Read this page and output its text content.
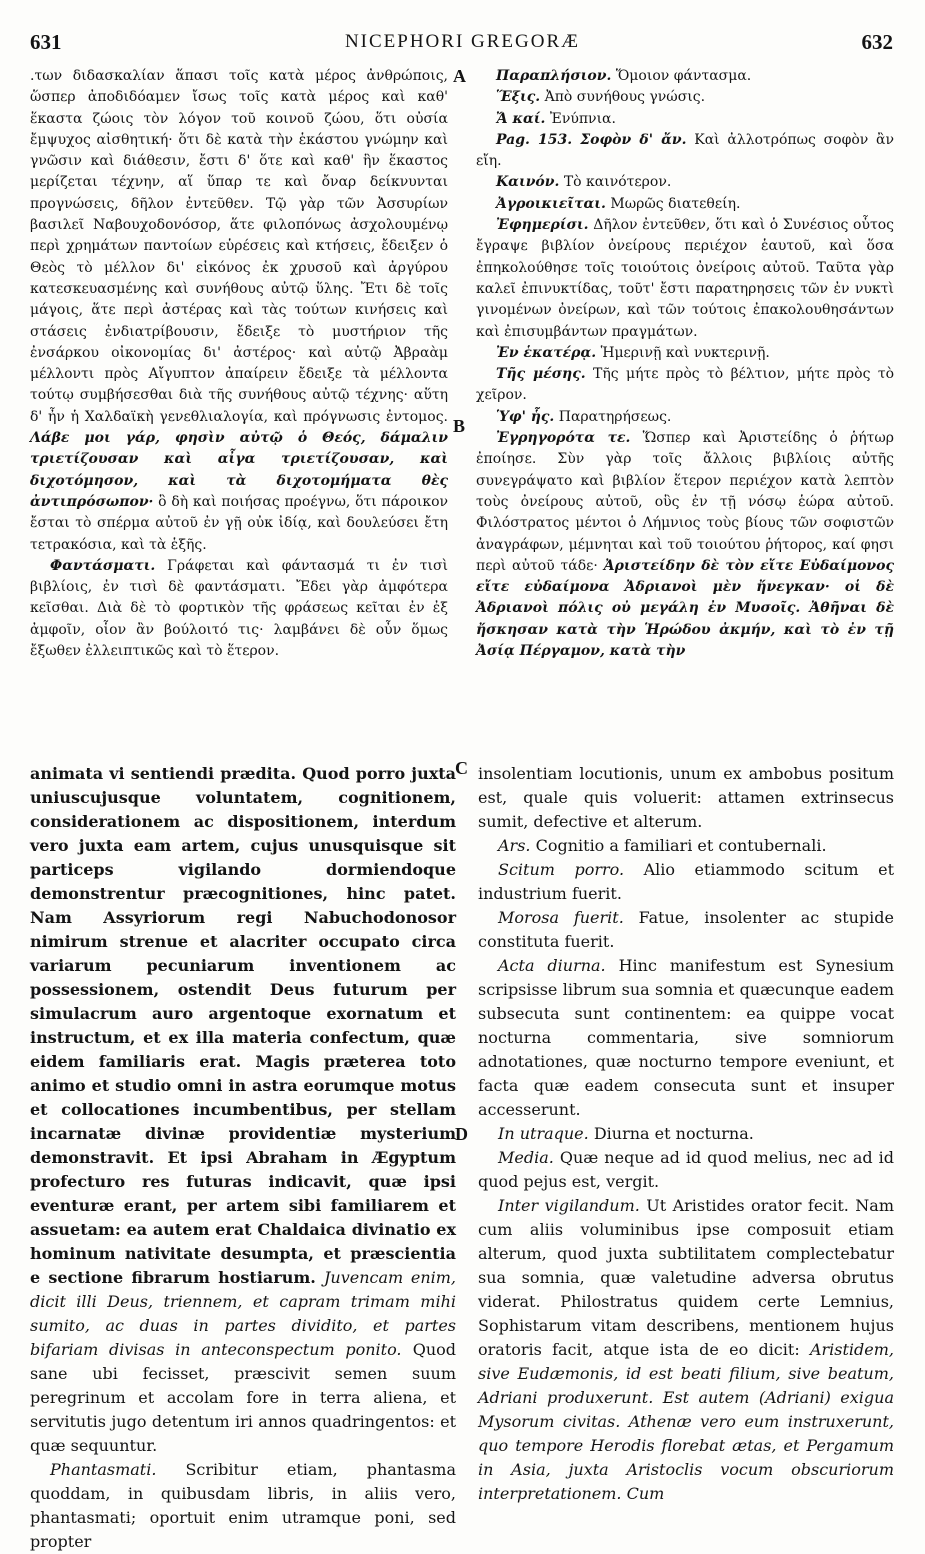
631	NICEPHORI GREGORÆ	632
A
B
C
D

.των διδασκαλίαν ἅπασι τοῖς κατὰ μέρος ἀνθρώποις, ὥσπερ ἀποδιδόαμεν ἴσως τοῖς κατὰ μέρος καὶ καθ' ἕκαστα ζώοις τὸν λόγον τοῦ κοινοῦ ζώου, ὅτι οὐσία ἔμψυχος αἰσθητική· ὅτι δὲ κατὰ τὴν ἑκάστου γνώμην καὶ γνῶσιν καὶ διάθεσιν, ἔστι δ' ὅτε καὶ καθ' ἣν ἕκαστος μερίζεται τέχνην, αἵ ὕπαρ τε καὶ ὄναρ δείκνυνται προγνώσεις, δῆλον ἐντεῦθεν. Τῷ γὰρ τῶν Ἀσσυρίων βασιλεῖ Ναβουχοδονόσορ, ἅτε φιλοπόνως ἀσχολουμένῳ περὶ χρημάτων παντοίων εὑρέσεις καὶ κτήσεις, ἔδειξεν ὁ Θεὸς τὸ μέλλον δι' εἰκόνος ἐκ χρυσοῦ καὶ ἀργύρου κατεσκευασμένης καὶ συνήθους αὐτῷ ὕλης. Ἔτι δὲ τοῖς μάγοις, ἅτε περὶ ἀστέρας καὶ τὰς τούτων κινήσεις καὶ στάσεις ἐνδιατρίβουσιν, ἔδειξε τὸ μυστήριον τῆς ἐνσάρκου οἰκονομίας δι' ἀστέρος· καὶ αὐτῷ Ἀβραὰμ μέλλοντι πρὸς Αἴγυπτον ἀπαίρειν ἔδειξε τὰ μέλλοντα τούτῳ συμβήσεσθαι διὰ τῆς συνήθους αὐτῷ τέχνης· αὕτη δ' ἦν ἡ Χαλδαϊκὴ γενεθλιαλογία, καὶ πρόγνωσις ἐντομος. Λάβε μοι γάρ, φησὶν αὐτῷ ὁ Θεός, δάμαλιν τριετίζουσαν καὶ αἶγα τριετίζουσαν, καὶ διχοτόμησον, καὶ τὰ διχοτομήματα θὲς ἀντιπρόσωπον· ὃ δὴ καὶ ποιήσας προέγνω, ὅτι πάροικον ἔσται τὸ σπέρμα αὐτοῦ ἐν γῇ οὐκ ἰδίᾳ, καὶ δουλεύσει ἔτη τετρακόσια, καὶ τὰ ἑξῆς.

Φαντάσματι. Γράφεται καὶ φάντασμά τι ἐν τισὶ βιβλίοις, ἐν τισὶ δὲ φαντάσματι. Ἔδει γὰρ ἀμφότερα κεῖσθαι. Διὰ δὲ τὸ φορτικὸν τῆς φράσεως κεῖται ἐν ἐξ ἀμφοῖν, οἷον ἂν βούλοιτό τις· λαμβάνει δὲ οὖν ὅμως ἔξωθεν ἐλλειπτικῶς καὶ τὸ ἕτερον.

Παραπλήσιον. Ὅμοιον φάντασμα.

Ἕξις. Ἀπὸ συνήθους γνώσις.

Ἄ καί. Ἐνύπνια.

Pag. 153. Σοφὸν δ' ἄν. Καὶ ἀλλοτρόπως σοφὸν ἂν εἴη.

Καινόν. Τὸ καινότερον.

Ἀγροικιεῖται. Μωρῶς διατεθείη.

Ἐφημερίσι. Δῆλον ἐντεῦθεν, ὅτι καὶ ὁ Συνέσιος οὗτος ἔγραψε βιβλίον ὀνείρους περιέχον ἑαυτοῦ, καὶ ὅσα ἐπηκολούθησε τοῖς τοιούτοις ὀνείροις αὐτοῦ. Ταῦτα γὰρ καλεῖ ἐπινυκτίδας, τοῦτ' ἔστι παρατηρησεις τῶν ἐν νυκτὶ γινομένων ὀνείρων, καὶ τῶν τούτοις ἐπακολουθησάντων καὶ ἐπισυμβάντων πραγμάτων.

Ἐν ἑκατέρᾳ. Ἡμερινῇ καὶ νυκτερινῇ.

Τῆς μέσης. Τῆς μήτε πρὸς τὸ βέλτιον, μήτε πρὸς τὸ χεῖρον.

Ὑφ' ἧς. Παρατηρήσεως.

Ἐγρηγορότα τε. Ὥσπερ καὶ Ἀριστείδης ὁ ῥήτωρ ἐποίησε. Σὺν γὰρ τοῖς ἄλλοις βιβλίοις αὐτῆς συνεγράψατο καὶ βιβλίον ἕτερον περιέχον κατὰ λεπτὸν τοὺς ὀνείρους αὐτοῦ, οὓς ἐν τῇ νόσῳ ἑώρα αὐτοῦ. Φιλόστρατος μέντοι ὁ Λήμνιος τοὺς βίους τῶν σοφιστῶν ἀναγράφων, μέμνηται καὶ τοῦ τοιούτου ῥήτορος, καί φησι περὶ αὐτοῦ τάδε· Ἀριστείδην δὲ τὸν εἴτε Εὐδαίμονος εἴτε εὐδαίμονα Ἀδριανοὶ μὲν ἤνεγκαν· οἱ δὲ Ἀδριανοὶ πόλις οὐ μεγάλη ἐν Μυσοῖς. Ἀθῆναι δὲ ἤσκησαν κατὰ τὴν Ἡρώδου ἀκμήν, καὶ τὸ ἐν τῇ Ἀσίᾳ Πέργαμον, κατὰ τὴν

animata vi sentiendi prædita. Quod porro juxta uniuscujusque voluntatem, cognitionem, considerationem ac dispositionem, interdum vero juxta eam artem, cujus unusquisque sit particeps vigilando dormiendoque demonstrentur præcognitiones, hinc patet. Nam Assyriorum regi Nabuchodonosor nimirum strenue et alacriter occupato circa variarum pecuniarum inventionem ac possessionem, ostendit Deus futurum per simulacrum auro argentoque exornatum et instructum, et ex illa materia confectum, quæ eidem familiaris erat. Magis præterea toto animo et studio omni in astra eorumque motus et collocationes incumbentibus, per stellam incarnatæ divinæ providentiæ mysterium demonstravit. Et ipsi Abraham in Ægyptum profecturo res futuras indicavit, quæ ipsi eventuræ erant, per artem sibi familiarem et assuetam: ea autem erat Chaldaica divinatio ex hominum nativitate desumpta, et præscientia e sectione fibrarum hostiarum. Juvencam enim, dicit illi Deus, triennem, et capram trimam mihi sumito, ac duas in partes dividito, et partes bifariam divisas in anteconspectum ponito. Quod sane ubi fecisset, præscivit semen suum peregrinum et accolam fore in terra aliena, et servitutis jugo detentum iri annos quadringentos: et quæ sequuntur.

Phantasmati. Scribitur etiam, phantasma quoddam, in quibusdam libris, in aliis vero, phantasmati; oportuit enim utramque poni, sed propter

insolentiam locutionis, unum ex ambobus positum est, quale quis voluerit: attamen extrinsecus sumit, defective et alterum.

Ars. Cognitio a familiari et contubernali.

Scitum porro. Alio etiammodo scitum et industrium fuerit.

Morosa fuerit. Fatue, insolenter ac stupide constituta fuerit.

Acta diurna. Hinc manifestum est Synesium scripsisse librum sua somnia et quæcunque eadem subsecuta sunt continentem: ea quippe vocat nocturna commentaria, sive somniorum adnotationes, quæ nocturno tempore eveniunt, et facta quæ eadem consecuta sunt et insuper accesserunt.

In utraque. Diurna et nocturna.

Media. Quæ neque ad id quod melius, nec ad id quod pejus est, vergit.

Inter vigilandum. Ut Aristides orator fecit. Nam cum aliis voluminibus ipse composuit etiam alterum, quod juxta subtilitatem complectebatur sua somnia, quæ valetudine adversa obrutus viderat. Philostratus quidem certe Lemnius, Sophistarum vitam describens, mentionem hujus oratoris facit, atque ista de eo dicit: Aristidem, sive Eudæmonis, id est beati filium, sive beatum, Adriani produxerunt. Est autem (Adriani) exigua Mysorum civitas. Athenæ vero eum instruxerunt, quo tempore Herodis florebat ætas, et Pergamum in Asia, juxta Aristoclis vocum obscuriorum interpretationem. Cum
